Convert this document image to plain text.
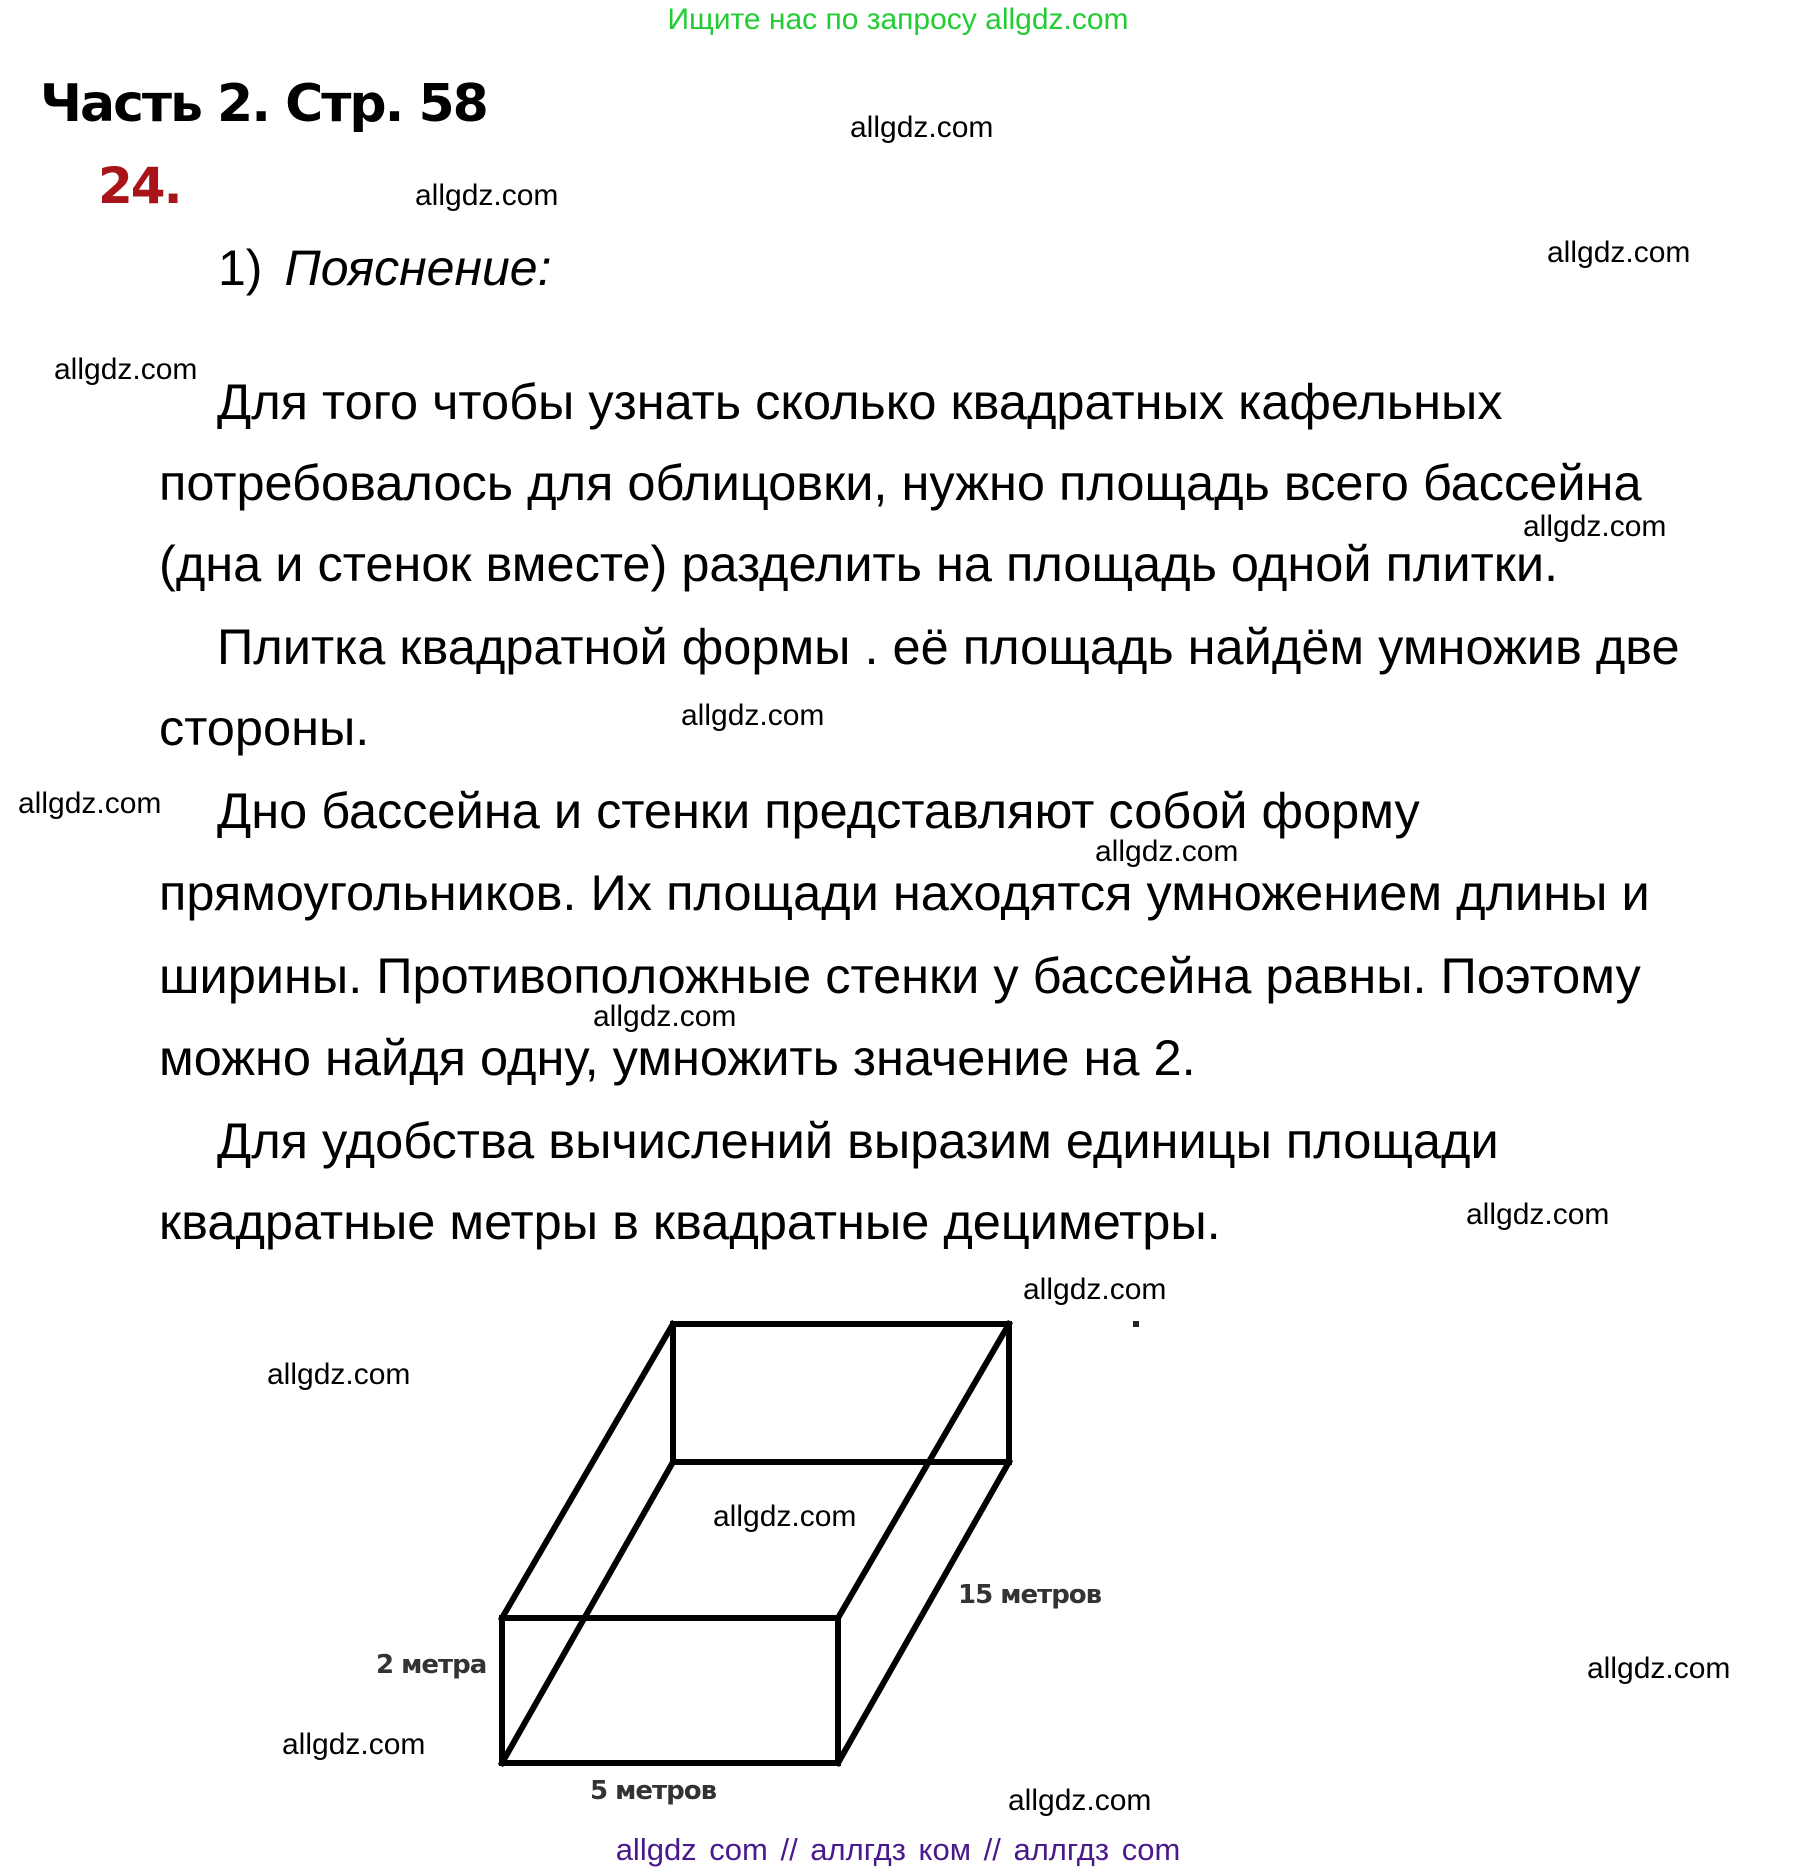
Ищите нас по запросу allgdz.com
Часть 2. Стр. 58
24.
1) Пояснение:
Для того чтобы узнать сколько квадратных кафельных
потребовалось для облицовки, нужно площадь всего бассейна
(дна и стенок вместе) разделить на площадь одной плитки.
Плитка квадратной формы . её площадь найдём умножив две
стороны.
Дно бассейна и стенки представляют собой форму
прямоугольников. Их площади находятся умножением длины и
ширины. Противоположные стенки у бассейна равны. Поэтому
можно найдя одну, умножить значение на 2.
Для удобства вычислений выразим единицы площади
квадратные метры в квадратные дециметры.
2 метра
5 метров
15 метров
allgdz.com
allgdz.com
allgdz.com
allgdz.com
allgdz.com
allgdz.com
allgdz.com
allgdz.com
allgdz.com
allgdz.com
allgdz.com
allgdz.com
allgdz.com
allgdz.com
allgdz.com
allgdz.com
allgdz com // аллгдз ком // аллгдз com
